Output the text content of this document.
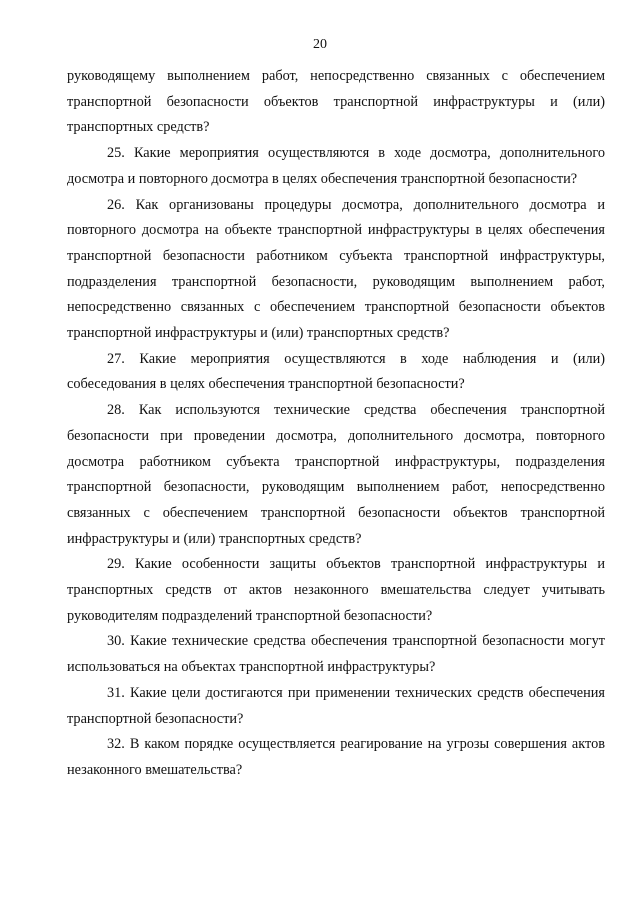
20

руководящему выполнением работ, непосредственно связанных с обеспечением транспортной безопасности объектов транспортной инфраструктуры и (или) транспортных средств?

25. Какие мероприятия осуществляются в ходе досмотра, дополнительного досмотра и повторного досмотра в целях обеспечения транспортной безопасности?

26. Как организованы процедуры досмотра, дополнительного досмотра и повторного досмотра на объекте транспортной инфраструктуры в целях обеспечения транспортной безопасности работником субъекта транспортной инфраструктуры, подразделения транспортной безопасности, руководящим выполнением работ, непосредственно связанных с обеспечением транспортной безопасности объектов транспортной инфраструктуры и (или) транспортных средств?

27. Какие мероприятия осуществляются в ходе наблюдения и (или) собеседования в целях обеспечения транспортной безопасности?

28. Как используются технические средства обеспечения транспортной безопасности при проведении досмотра, дополнительного досмотра, повторного досмотра работником субъекта транспортной инфраструктуры, подразделения транспортной безопасности, руководящим выполнением работ, непосредственно связанных с обеспечением транспортной безопасности объектов транспортной инфраструктуры и (или) транспортных средств?

29. Какие особенности защиты объектов транспортной инфраструктуры и транспортных средств от актов незаконного вмешательства следует учитывать руководителям подразделений транспортной безопасности?

30. Какие технические средства обеспечения транспортной безопасности могут использоваться на объектах транспортной инфраструктуры?

31. Какие цели достигаются при применении технических средств обеспечения транспортной безопасности?

32. В каком порядке осуществляется реагирование на угрозы совершения актов незаконного вмешательства?
